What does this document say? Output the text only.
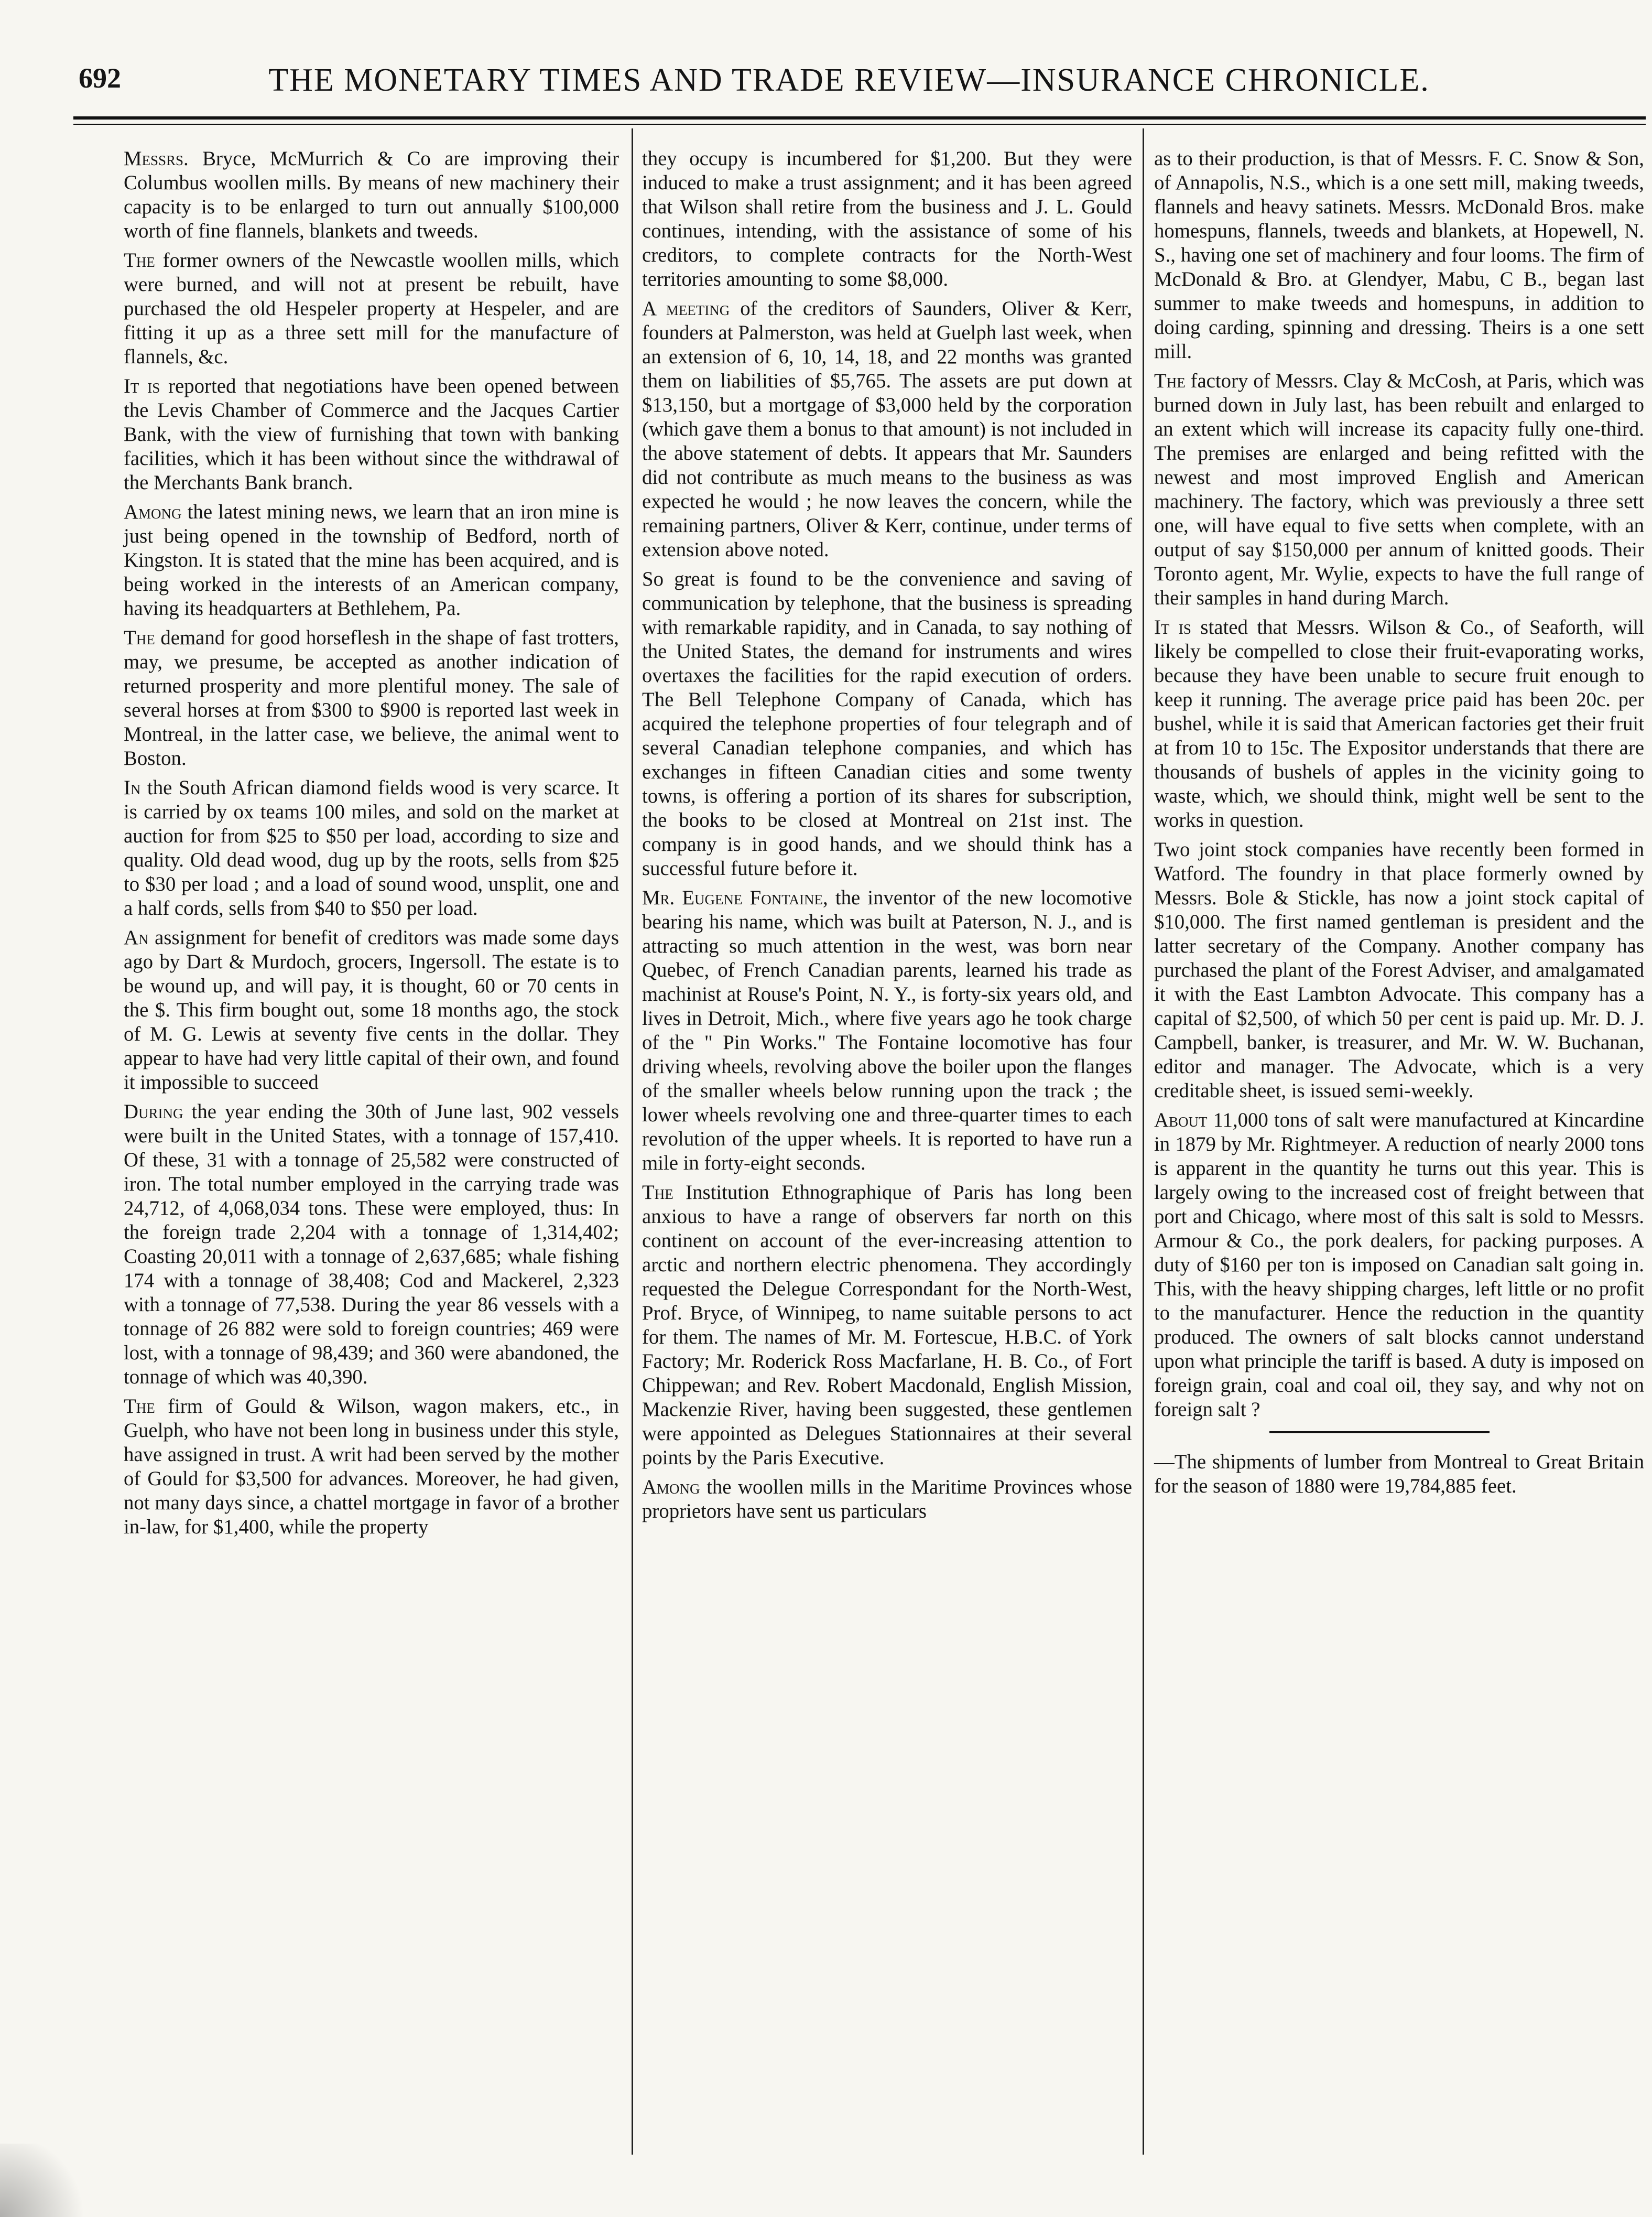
692	THE MONETARY TIMES AND TRADE REVIEW—INSURANCE CHRONICLE.

Messrs. Bryce, McMurrich & Co are improving their Columbus woollen mills. By means of new machinery their capacity is to be enlarged to turn out annually $100,000 worth of fine flannels, blankets and tweeds.

The former owners of the Newcastle woollen mills, which were burned, and will not at present be rebuilt, have purchased the old Hespeler property at Hespeler, and are fitting it up as a three sett mill for the manufacture of flannels, &c.

It is reported that negotiations have been opened between the Levis Chamber of Commerce and the Jacques Cartier Bank, with the view of furnishing that town with banking facilities, which it has been without since the withdrawal of the Merchants Bank branch.

Among the latest mining news, we learn that an iron mine is just being opened in the township of Bedford, north of Kingston. It is stated that the mine has been acquired, and is being worked in the interests of an American company, having its headquarters at Bethlehem, Pa.

The demand for good horseflesh in the shape of fast trotters, may, we presume, be accepted as another indication of returned prosperity and more plentiful money. The sale of several horses at from $300 to $900 is reported last week in Montreal, in the latter case, we believe, the animal went to Boston.

In the South African diamond fields wood is very scarce. It is carried by ox teams 100 miles, and sold on the market at auction for from $25 to $50 per load, according to size and quality. Old dead wood, dug up by the roots, sells from $25 to $30 per load ; and a load of sound wood, unsplit, one and a half cords, sells from $40 to $50 per load.

An assignment for benefit of creditors was made some days ago by Dart & Murdoch, grocers, Ingersoll. The estate is to be wound up, and will pay, it is thought, 60 or 70 cents in the $. This firm bought out, some 18 months ago, the stock of M. G. Lewis at seventy five cents in the dollar. They appear to have had very little capital of their own, and found it impossible to succeed

During the year ending the 30th of June last, 902 vessels were built in the United States, with a tonnage of 157,410. Of these, 31 with a tonnage of 25,582 were constructed of iron. The total number employed in the carrying trade was 24,712, of 4,068,034 tons. These were employed, thus: In the foreign trade 2,204 with a tonnage of 1,314,402; Coasting 20,011 with a tonnage of 2,637,685; whale fishing 174 with a tonnage of 38,408; Cod and Mackerel, 2,323 with a tonnage of 77,538. During the year 86 vessels with a tonnage of 26 882 were sold to foreign countries; 469 were lost, with a tonnage of 98,439; and 360 were abandoned, the tonnage of which was 40,390.

The firm of Gould & Wilson, wagon makers, etc., in Guelph, who have not been long in business under this style, have assigned in trust. A writ had been served by the mother of Gould for $3,500 for advances. Moreover, he had given, not many days since, a chattel mortgage in favor of a brother in-law, for $1,400, while the property

they occupy is incumbered for $1,200. But they were induced to make a trust assignment; and it has been agreed that Wilson shall retire from the business and J. L. Gould continues, intending, with the assistance of some of his creditors, to complete contracts for the North-West territories amounting to some $8,000.

A meeting of the creditors of Saunders, Oliver & Kerr, founders at Palmerston, was held at Guelph last week, when an extension of 6, 10, 14, 18, and 22 months was granted them on liabilities of $5,765. The assets are put down at $13,150, but a mortgage of $3,000 held by the corporation (which gave them a bonus to that amount) is not included in the above statement of debts. It appears that Mr. Saunders did not contribute as much means to the business as was expected he would ; he now leaves the concern, while the remaining partners, Oliver & Kerr, continue, under terms of extension above noted.

So great is found to be the convenience and saving of communication by telephone, that the business is spreading with remarkable rapidity, and in Canada, to say nothing of the United States, the demand for instruments and wires overtaxes the facilities for the rapid execution of orders. The Bell Telephone Company of Canada, which has acquired the telephone properties of four telegraph and of several Canadian telephone companies, and which has exchanges in fifteen Canadian cities and some twenty towns, is offering a portion of its shares for subscription, the books to be closed at Montreal on 21st inst. The company is in good hands, and we should think has a successful future before it.

Mr. Eugene Fontaine, the inventor of the new locomotive bearing his name, which was built at Paterson, N. J., and is attracting so much attention in the west, was born near Quebec, of French Canadian parents, learned his trade as machinist at Rouse's Point, N. Y., is forty-six years old, and lives in Detroit, Mich., where five years ago he took charge of the " Pin Works." The Fontaine locomotive has four driving wheels, revolving above the boiler upon the flanges of the smaller wheels below running upon the track ; the lower wheels revolving one and three-quarter times to each revolution of the upper wheels. It is reported to have run a mile in forty-eight seconds.

The Institution Ethnographique of Paris has long been anxious to have a range of observers far north on this continent on account of the ever-increasing attention to arctic and northern electric phenomena. They accordingly requested the Delegue Correspondant for the North-West, Prof. Bryce, of Winnipeg, to name suitable persons to act for them. The names of Mr. M. Fortescue, H.B.C. of York Factory; Mr. Roderick Ross Macfarlane, H. B. Co., of Fort Chippewan; and Rev. Robert Macdonald, English Mission, Mackenzie River, having been suggested, these gentlemen were appointed as Delegues Stationnaires at their several points by the Paris Executive.

Among the woollen mills in the Maritime Provinces whose proprietors have sent us particulars

as to their production, is that of Messrs. F. C. Snow & Son, of Annapolis, N.S., which is a one sett mill, making tweeds, flannels and heavy satinets. Messrs. McDonald Bros. make homespuns, flannels, tweeds and blankets, at Hopewell, N. S., having one set of machinery and four looms. The firm of McDonald & Bro. at Glendyer, Mabu, C B., began last summer to make tweeds and homespuns, in addition to doing carding, spinning and dressing. Theirs is a one sett mill.

The factory of Messrs. Clay & McCosh, at Paris, which was burned down in July last, has been rebuilt and enlarged to an extent which will increase its capacity fully one-third. The premises are enlarged and being refitted with the newest and most improved English and American machinery. The factory, which was previously a three sett one, will have equal to five setts when complete, with an output of say $150,000 per annum of knitted goods. Their Toronto agent, Mr. Wylie, expects to have the full range of their samples in hand during March.

It is stated that Messrs. Wilson & Co., of Seaforth, will likely be compelled to close their fruit-evaporating works, because they have been unable to secure fruit enough to keep it running. The average price paid has been 20c. per bushel, while it is said that American factories get their fruit at from 10 to 15c. The Expositor understands that there are thousands of bushels of apples in the vicinity going to waste, which, we should think, might well be sent to the works in question.

Two joint stock companies have recently been formed in Watford. The foundry in that place formerly owned by Messrs. Bole & Stickle, has now a joint stock capital of $10,000. The first named gentleman is president and the latter secretary of the Company. Another company has purchased the plant of the Forest Adviser, and amalgamated it with the East Lambton Advocate. This company has a capital of $2,500, of which 50 per cent is paid up. Mr. D. J. Campbell, banker, is treasurer, and Mr. W. W. Buchanan, editor and manager. The Advocate, which is a very creditable sheet, is issued semi-weekly.

About 11,000 tons of salt were manufactured at Kincardine in 1879 by Mr. Rightmeyer. A reduction of nearly 2000 tons is apparent in the quantity he turns out this year. This is largely owing to the increased cost of freight between that port and Chicago, where most of this salt is sold to Messrs. Armour & Co., the pork dealers, for packing purposes. A duty of $160 per ton is imposed on Canadian salt going in. This, with the heavy shipping charges, left little or no profit to the manufacturer. Hence the reduction in the quantity produced. The owners of salt blocks cannot understand upon what principle the tariff is based. A duty is imposed on foreign grain, coal and coal oil, they say, and why not on foreign salt ?

—The shipments of lumber from Montreal to Great Britain for the season of 1880 were 19,784,885 feet.
